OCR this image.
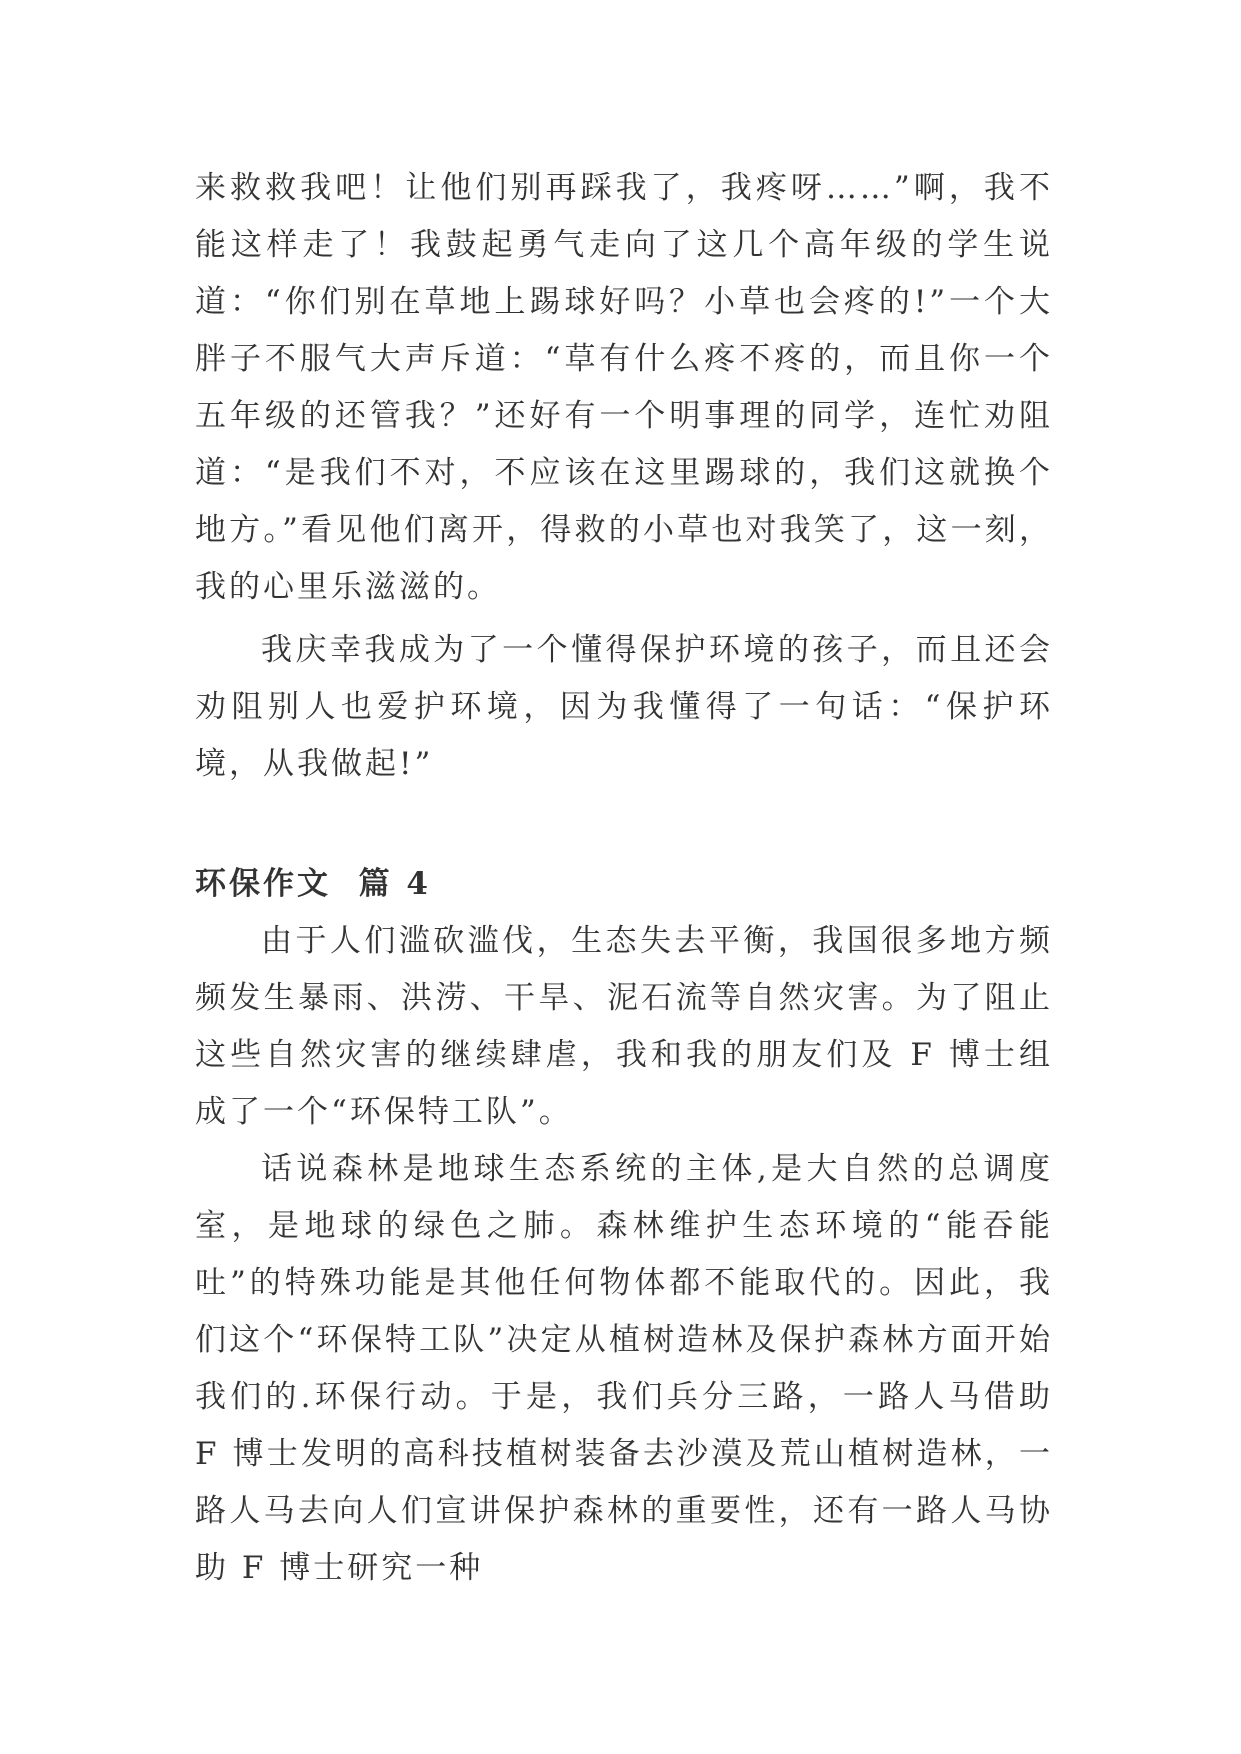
来救救我吧！让他们别再踩我了，我疼呀……”啊，我不能这样走了！我鼓起勇气走向了这几个高年级的学生说道：“你们别在草地上踢球好吗？小草也会疼的!”一个大胖子不服气大声斥道：“草有什么疼不疼的，而且你一个五年级的还管我？”还好有一个明事理的同学，连忙劝阻道：“是我们不对，不应该在这里踢球的，我们这就换个地方。”看见他们离开，得救的小草也对我笑了，这一刻，我的心里乐滋滋的。

我庆幸我成为了一个懂得保护环境的孩子，而且还会劝阻别人也爱护环境，因为我懂得了一句话：“保护环境，从我做起!”

环保作文  篇 4

由于人们滥砍滥伐，生态失去平衡，我国很多地方频频发生暴雨、洪涝、干旱、泥石流等自然灾害。为了阻止这些自然灾害的继续肆虐，我和我的朋友们及 F 博士组成了一个“环保特工队”。

话说森林是地球生态系统的主体,是大自然的总调度室，是地球的绿色之肺。森林维护生态环境的“能吞能吐”的特殊功能是其他任何物体都不能取代的。因此，我们这个“环保特工队”决定从植树造林及保护森林方面开始我们的.环保行动。于是，我们兵分三路，一路人马借助 F 博士发明的高科技植树装备去沙漠及荒山植树造林，一路人马去向人们宣讲保护森林的重要性，还有一路人马协助 F 博士研究一种
